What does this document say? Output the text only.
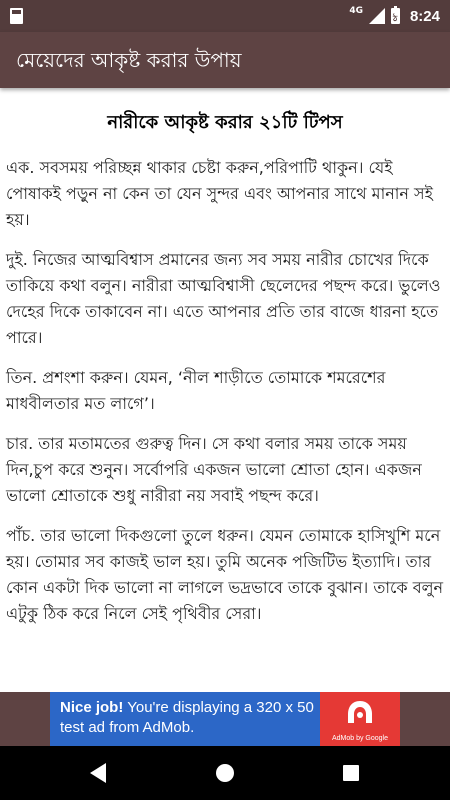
4G
ঠ 8:24
মেয়েদের আকৃষ্ট করার উপায়
নারীকে আকৃষ্ট করার ২১টি টিপস

এক. সবসময় পরিচ্ছন্ন থাকার চেষ্টা করুন,পরিপাটি থাকুন। যেই পোষাকই পড়ুন না কেন তা যেন সুন্দর এবং আপনার সাথে মানান সই হয়।

দুই. নিজের আত্মবিশ্বাস প্রমানের জন্য সব সময় নারীর চোখের দিকে তাকিয়ে কথা বলুন। নারীরা আত্মবিশ্বাসী ছেলেদের পছন্দ করে। ভুলেও দেহের দিকে তাকাবেন না। এতে আপনার প্রতি তার বাজে ধারনা হতে পারে।

তিন. প্রশংশা করুন। যেমন, ‘নীল শাড়ীতে তোমাকে শমরেশের মাধবীলতার মত লাগে’।

চার. তার মতামতের গুরুত্ব দিন। সে কথা বলার সময় তাকে সময় দিন,চুপ করে শুনুন। সর্বোপরি একজন ভালো শ্রোতা হোন। একজন ভালো শ্রোতাকে শুধু নারীরা নয় সবাই পছন্দ করে।

পাঁচ. তার ভালো দিকগুলো তুলে ধরুন। যেমন তোমাকে হাসিখুশি মনে হয়। তোমার সব কাজই ভাল হয়। তুমি অনেক পজিটিভ ইত্যাদি। তার কোন একটা দিক ভালো না লাগলে ভদ্রভাবে তাকে বুঝান। তাকে বলুন এটুকু ঠিক করে নিলে সেই পৃথিবীর সেরা।

Nice job! You're displaying a 320 x 50 test ad from AdMob.
AdMob by Google
